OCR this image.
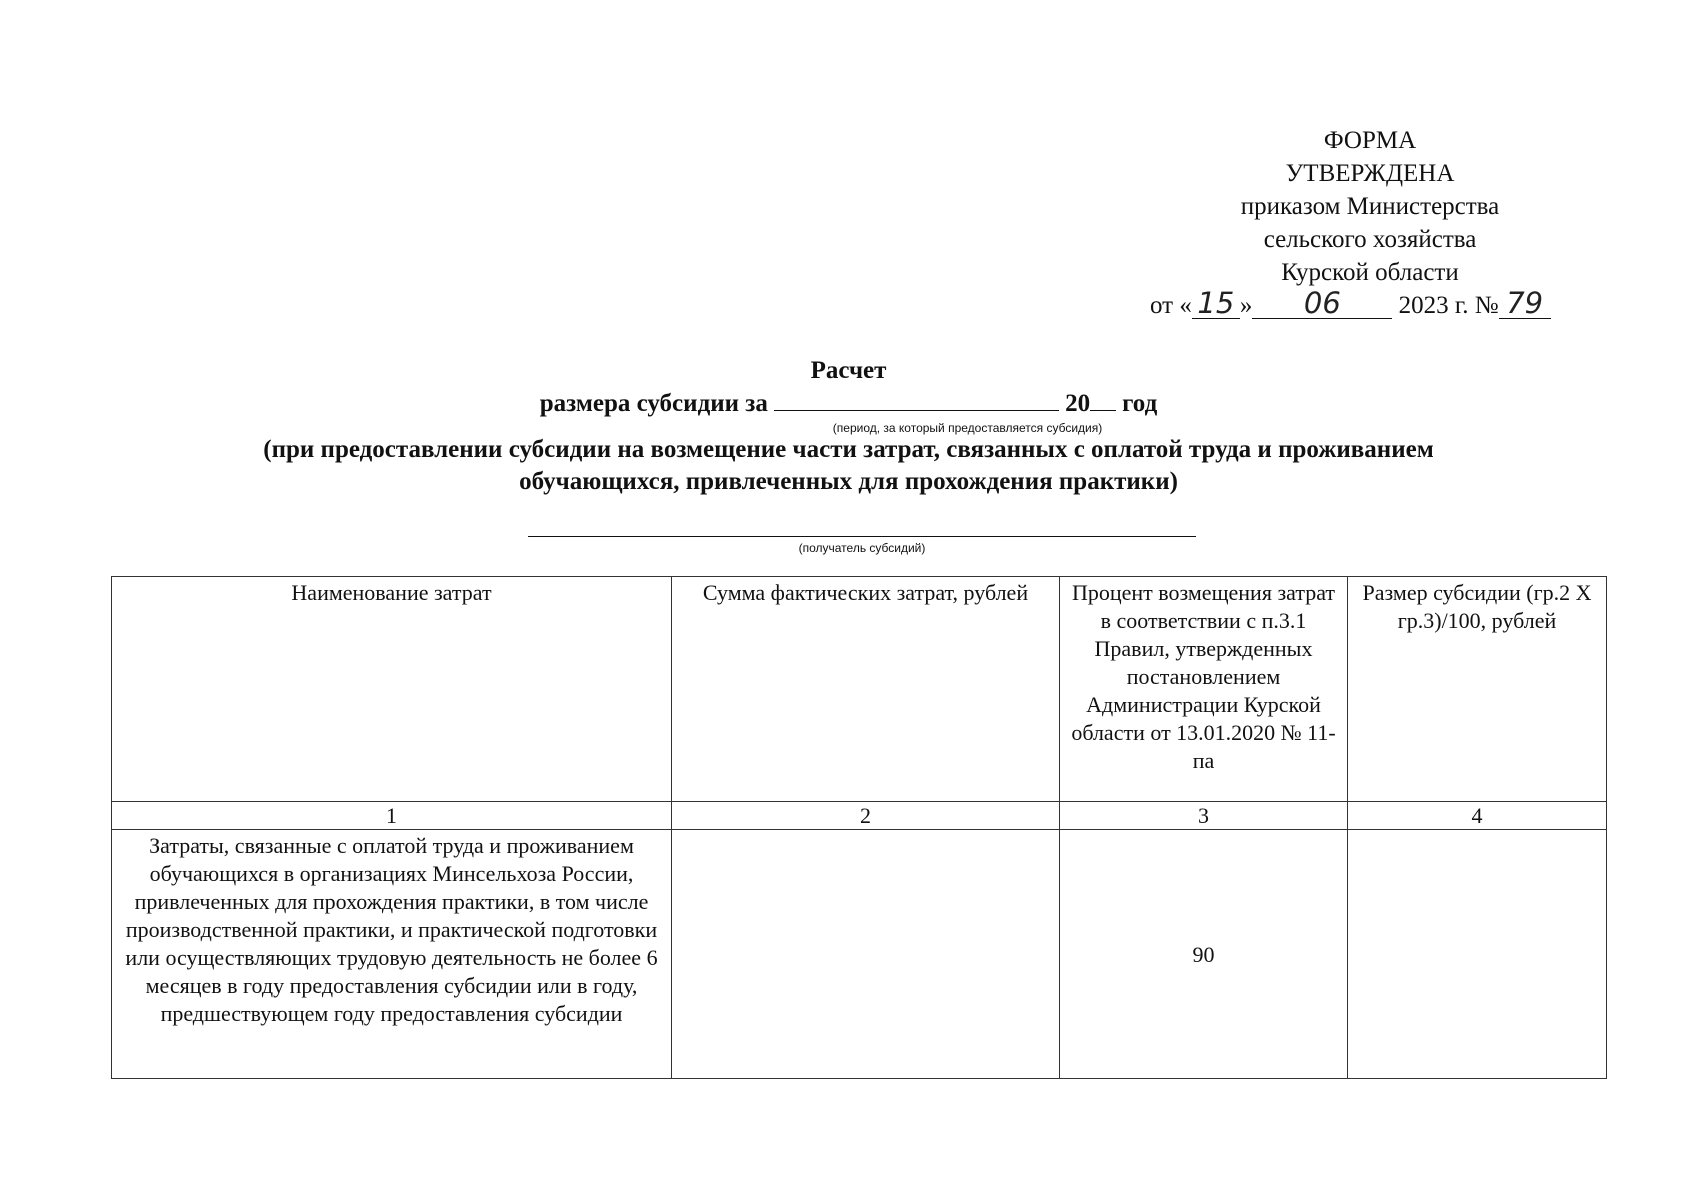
ФОРМА
УТВЕРЖДЕНА
приказом Министерства
сельского хозяйства
Курской области
от « 15 » 06 2023 г. № 79
Расчет
размера субсидии за	20 год
(период, за который предоставляется субсидия)
(при предоставлении субсидии на возмещение части затрат, связанных с оплатой труда и проживанием
обучающихся, привлеченных для прохождения практики)
(получатель субсидий)
Наименование затрат	Сумма фактических затрат, рублей	Процент возмещения затрат в соответствии с п.3.1 Правил, утвержденных постановлением Администрации Курской области от 13.01.2020 № 11-па	Размер субсидии (гр.2 Х гр.3)/100, рублей
1	2	3	4
Затраты, связанные с оплатой труда и проживанием обучающихся в организациях Минсельхоза России, привлеченных для прохождения практики, в том числе производственной практики, и практической подготовки или осуществляющих трудовую деятельность не более 6 месяцев в году предоставления субсидии или в году, предшествующем году предоставления субсидии		90	
